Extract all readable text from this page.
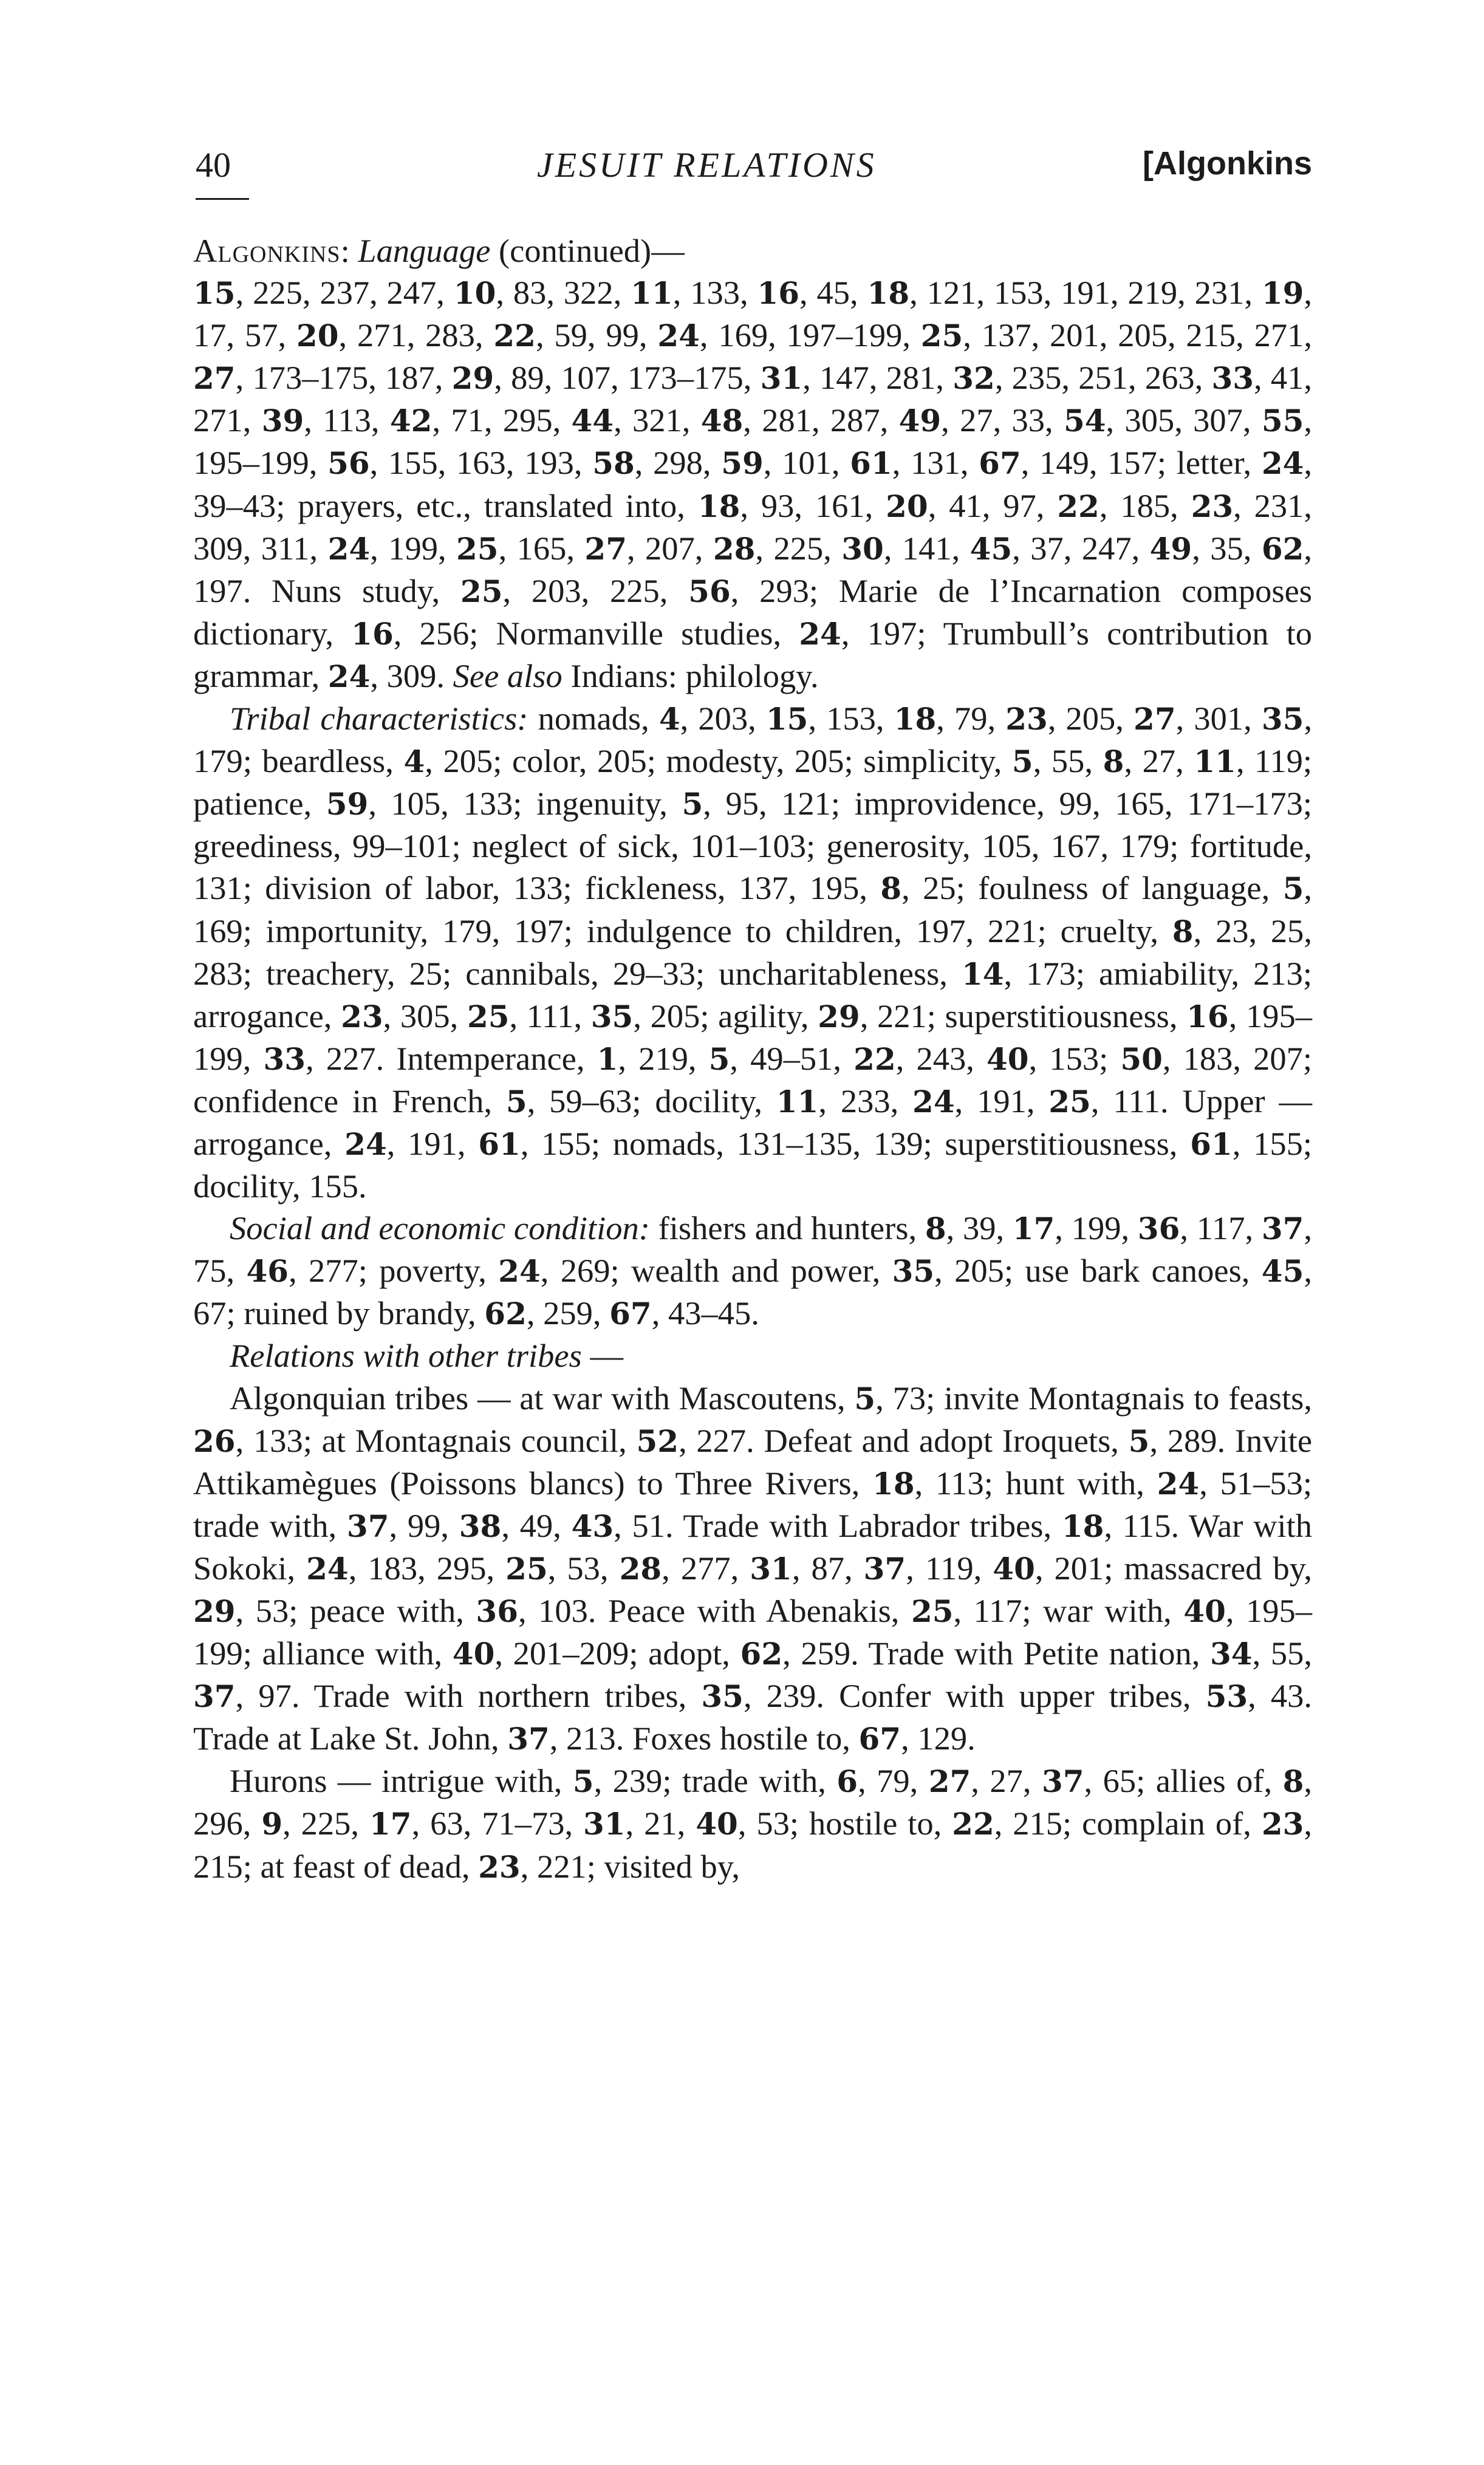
40	JESUIT RELATIONS	[Algonkins

Algonkins: Language (continued)—
15, 225, 237, 247, 10, 83, 322, 11, 133, 16, 45, 18, 121, 153, 191, 219, 231, 19, 17, 57, 20, 271, 283, 22, 59, 99, 24, 169, 197–199, 25, 137, 201, 205, 215, 271, 27, 173–175, 187, 29, 89, 107, 173–175, 31, 147, 281, 32, 235, 251, 263, 33, 41, 271, 39, 113, 42, 71, 295, 44, 321, 48, 281, 287, 49, 27, 33, 54, 305, 307, 55, 195–199, 56, 155, 163, 193, 58, 298, 59, 101, 61, 131, 67, 149, 157; letter, 24, 39–43; prayers, etc., translated into, 18, 93, 161, 20, 41, 97, 22, 185, 23, 231, 309, 311, 24, 199, 25, 165, 27, 207, 28, 225, 30, 141, 45, 37, 247, 49, 35, 62, 197. Nuns study, 25, 203, 225, 56, 293; Marie de l’Incarnation composes dictionary, 16, 256; Normanville studies, 24, 197; Trumbull’s contribution to grammar, 24, 309. See also Indians: philology.

Tribal characteristics: nomads, 4, 203, 15, 153, 18, 79, 23, 205, 27, 301, 35, 179; beardless, 4, 205; color, 205; modesty, 205; simplicity, 5, 55, 8, 27, 11, 119; patience, 59, 105, 133; ingenuity, 5, 95, 121; improvidence, 99, 165, 171–173; greediness, 99–101; neglect of sick, 101–103; generosity, 105, 167, 179; fortitude, 131; division of labor, 133; fickleness, 137, 195, 8, 25; foulness of language, 5, 169; importunity, 179, 197; indulgence to children, 197, 221; cruelty, 8, 23, 25, 283; treachery, 25; cannibals, 29–33; uncharitableness, 14, 173; amiability, 213; arrogance, 23, 305, 25, 111, 35, 205; agility, 29, 221; superstitiousness, 16, 195–199, 33, 227. Intemperance, 1, 219, 5, 49–51, 22, 243, 40, 153; 50, 183, 207; confidence in French, 5, 59–63; docility, 11, 233, 24, 191, 25, 111. Upper — arrogance, 24, 191, 61, 155; nomads, 131–135, 139; superstitiousness, 61, 155; docility, 155.

Social and economic condition: fishers and hunters, 8, 39, 17, 199, 36, 117, 37, 75, 46, 277; poverty, 24, 269; wealth and power, 35, 205; use bark canoes, 45, 67; ruined by brandy, 62, 259, 67, 43–45.

Relations with other tribes —

Algonquian tribes — at war with Mascoutens, 5, 73; invite Montagnais to feasts, 26, 133; at Montagnais council, 52, 227. Defeat and adopt Iroquets, 5, 289. Invite Attikamègues (Poissons blancs) to Three Rivers, 18, 113; hunt with, 24, 51–53; trade with, 37, 99, 38, 49, 43, 51. Trade with Labrador tribes, 18, 115. War with Sokoki, 24, 183, 295, 25, 53, 28, 277, 31, 87, 37, 119, 40, 201; massacred by, 29, 53; peace with, 36, 103. Peace with Abenakis, 25, 117; war with, 40, 195–199; alliance with, 40, 201–209; adopt, 62, 259. Trade with Petite nation, 34, 55, 37, 97. Trade with northern tribes, 35, 239. Confer with upper tribes, 53, 43. Trade at Lake St. John, 37, 213. Foxes hostile to, 67, 129.

Hurons — intrigue with, 5, 239; trade with, 6, 79, 27, 27, 37, 65; allies of, 8, 296, 9, 225, 17, 63, 71–73, 31, 21, 40, 53; hostile to, 22, 215; complain of, 23, 215; at feast of dead, 23, 221; visited by,
